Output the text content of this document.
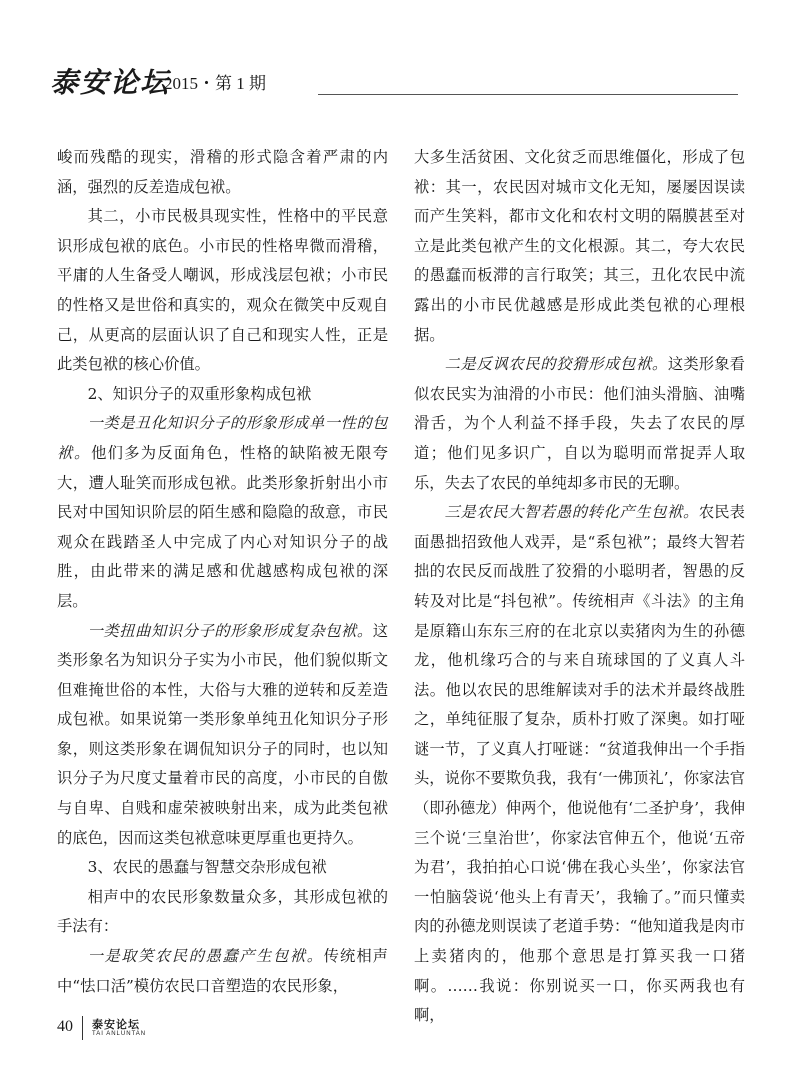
泰安论坛
2015・第 1 期

峻而残酷的现实，滑稽的形式隐含着严肃的内涵，强烈的反差造成包袱。

其二，小市民极具现实性，性格中的平民意识形成包袱的底色。小市民的性格卑微而滑稽，平庸的人生备受人嘲讽，形成浅层包袱；小市民的性格又是世俗和真实的，观众在微笑中反观自己，从更高的层面认识了自己和现实人性，正是此类包袱的核心价值。

2、知识分子的双重形象构成包袱

一类是丑化知识分子的形象形成单一性的包袱。他们多为反面角色，性格的缺陷被无限夸大，遭人耻笑而形成包袱。此类形象折射出小市民对中国知识阶层的陌生感和隐隐的敌意，市民观众在践踏圣人中完成了内心对知识分子的战胜，由此带来的满足感和优越感构成包袱的深层。

一类扭曲知识分子的形象形成复杂包袱。这类形象名为知识分子实为小市民，他们貌似斯文但难掩世俗的本性，大俗与大雅的逆转和反差造成包袱。如果说第一类形象单纯丑化知识分子形象，则这类形象在调侃知识分子的同时，也以知识分子为尺度丈量着市民的高度，小市民的自傲与自卑、自贱和虚荣被映射出来，成为此类包袱的底色，因而这类包袱意味更厚重也更持久。

3、农民的愚蠢与智慧交杂形成包袱

相声中的农民形象数量众多，其形成包袱的手法有：

一是取笑农民的愚蠢产生包袱。传统相声中“怯口活”模仿农民口音塑造的农民形象，

大多生活贫困、文化贫乏而思维僵化，形成了包袱：其一，农民因对城市文化无知，屡屡因误读而产生笑料，都市文化和农村文明的隔膜甚至对立是此类包袱产生的文化根源。其二，夸大农民的愚蠢而板滞的言行取笑；其三，丑化农民中流露出的小市民优越感是形成此类包袱的心理根据。

二是反讽农民的狡猾形成包袱。这类形象看似农民实为油滑的小市民：他们油头滑脑、油嘴滑舌，为个人利益不择手段，失去了农民的厚道；他们见多识广，自以为聪明而常捉弄人取乐，失去了农民的单纯却多市民的无聊。

三是农民大智若愚的转化产生包袱。农民表面愚拙招致他人戏弄，是“系包袱”；最终大智若拙的农民反而战胜了狡猾的小聪明者，智愚的反转及对比是“抖包袱”。传统相声《斗法》的主角是原籍山东东三府的在北京以卖猪肉为生的孙德龙，他机缘巧合的与来自琉球国的了义真人斗法。他以农民的思维解读对手的法术并最终战胜之，单纯征服了复杂，质朴打败了深奥。如打哑谜一节，了义真人打哑谜：“贫道我伸出一个手指头，说你不要欺负我，我有‘一佛顶礼’，你家法官（即孙德龙）伸两个，他说他有‘二圣护身’，我伸三个说‘三皇治世’，你家法官伸五个，他说‘五帝为君’，我拍拍心口说‘佛在我心头坐’，你家法官一怕脑袋说‘他头上有青天’，我输了。”而只懂卖肉的孙德龙则误读了老道手势：“他知道我是肉市上卖猪肉的，他那个意思是打算买我一口猪啊。……我说：你别说买一口，你买两我也有啊，

40 泰安论坛
TAI ANLUNTAN
